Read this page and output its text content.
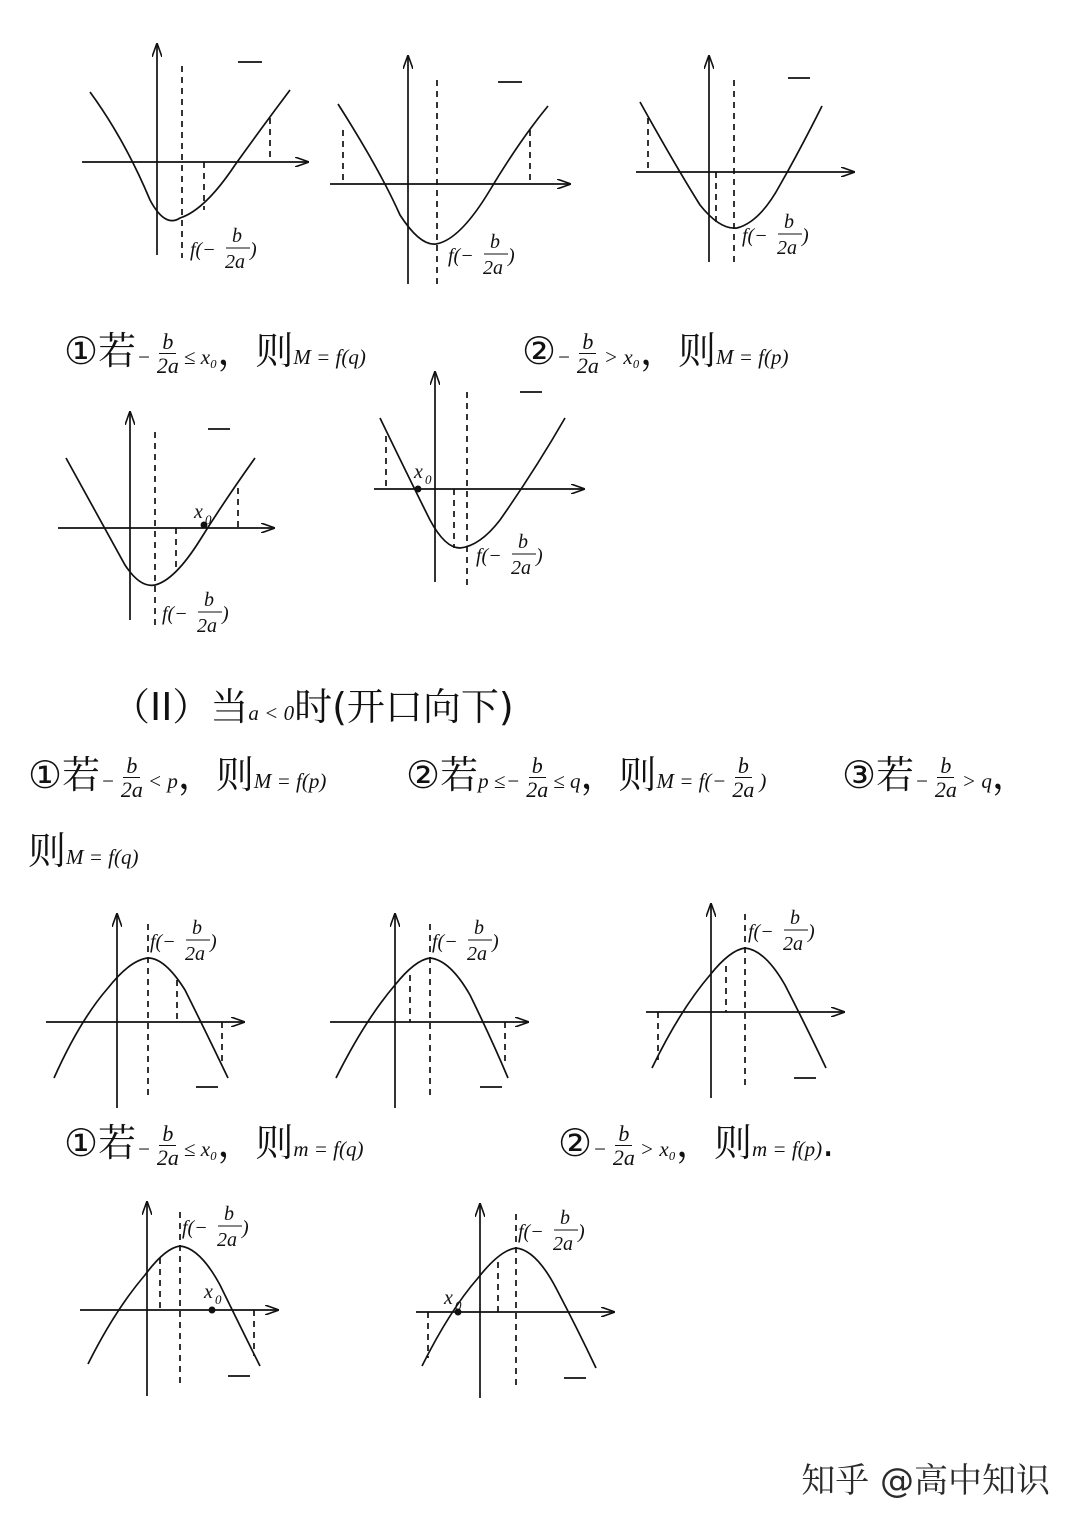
f(−
b
2a
)	f(−
b
2a
)
f(−
b
2a
)
f(−
b
2a
)
f(−
b
2a
)
f(−
b
2a
)	f(−
b
2a
)	f(−
b
2a
)
f(−
b
2a
)	f(−
b
2a
)
x 0
x 0
x 0	x 0
①若− $\frac{b}{2a} \le x_0$，则M = f(q)	②− $\frac{b}{2a} > x_0$，则M = f(p)
（II）当a < 0时(开口向下)
①若− $\frac{b}{2a} < p$，则M = f(p) ②若$p \le- \frac{b}{2a} \le q$，则$M = f(- \frac{b}{2a}$ ) ③若− $\frac{b}{2a} > q$，
则M = f(q)
①若− $\frac{b}{2a} \le x_0$，则m = f(q)	②− $\frac{b}{2a} > x_0$，则m = f(p).
知乎 @高中知识
